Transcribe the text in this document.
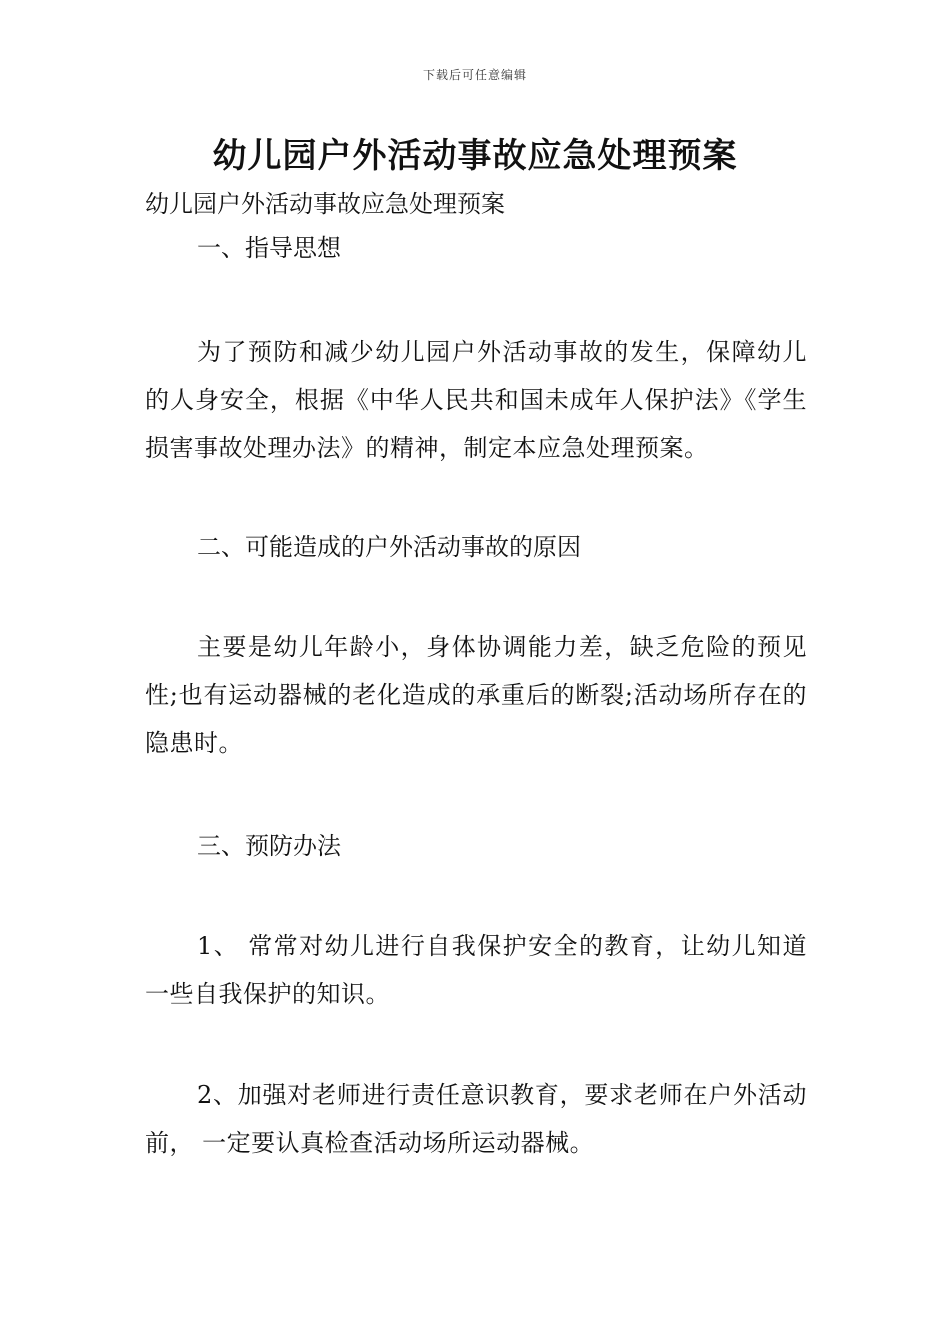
下载后可任意编辑
幼儿园户外活动事故应急处理预案

幼儿园户外活动事故应急处理预案

一、指导思想

为了预防和减少幼儿园户外活动事故的发生，保障幼儿的人身安全，根据《中华人民共和国未成年人保护法》《学生损害事故处理办法》的精神，制定本应急处理预案。

二、可能造成的户外活动事故的原因

主要是幼儿年龄小，身体协调能力差，缺乏危险的预见性;也有运动器械的老化造成的承重后的断裂;活动场所存在的隐患时。

三、预防办法

1、 常常对幼儿进行自我保护安全的教育，让幼儿知道一些自我保护的知识。

2、加强对老师进行责任意识教育，要求老师在户外活动前， 一定要认真检查活动场所运动器械。
